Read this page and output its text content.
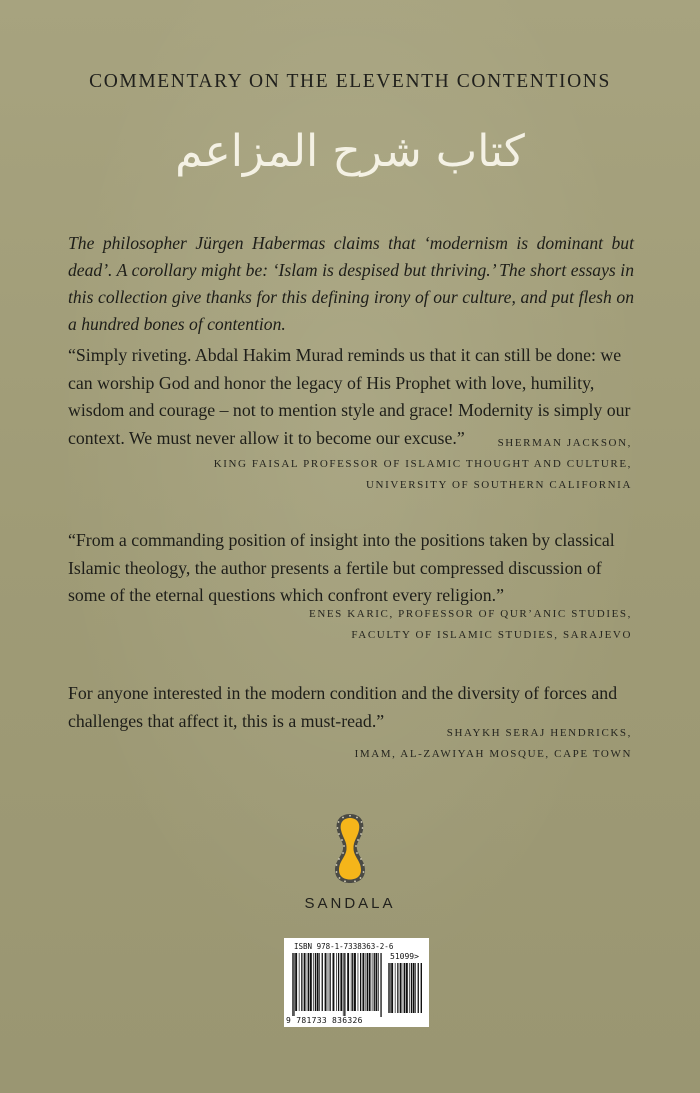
COMMENTARY ON THE ELEVENTH CONTENTIONS
كتاب شرح المزاعم
The philosopher Jürgen Habermas claims that ‘modernism is dominant but dead’. A corollary might be: ‘Islam is despised but thriving.’ The short essays in this collection give thanks for this defining irony of our culture, and put flesh on a hundred bones of contention.
“Simply riveting. Abdal Hakim Murad reminds us that it can still be done: we can worship God and honor the legacy of His Prophet with love, humility, wisdom and courage – not to mention style and grace! Modernity is simply our context. We must never allow it to become our excuse.”	SHERMAN JACKSON,
KING FAISAL PROFESSOR OF ISLAMIC THOUGHT AND CULTURE,
UNIVERSITY OF SOUTHERN CALIFORNIA
“From a commanding position of insight into the positions taken by classical Islamic theology, the author presents a fertile but compressed discussion of some of the eternal questions which confront every religion.”
ENES KARIC, PROFESSOR OF QUR’ANIC STUDIES,
FACULTY OF ISLAMIC STUDIES, SARAJEVO
For anyone interested in the modern condition and the diversity of forces and challenges that affect it, this is a must-read.”
SHAYKH SERAJ HENDRICKS,
IMAM, AL-ZAWIYAH MOSQUE, CAPE TOWN
SANDALA
ISBN 978-1-7338363-2-6
51099>
9 781733 836326
